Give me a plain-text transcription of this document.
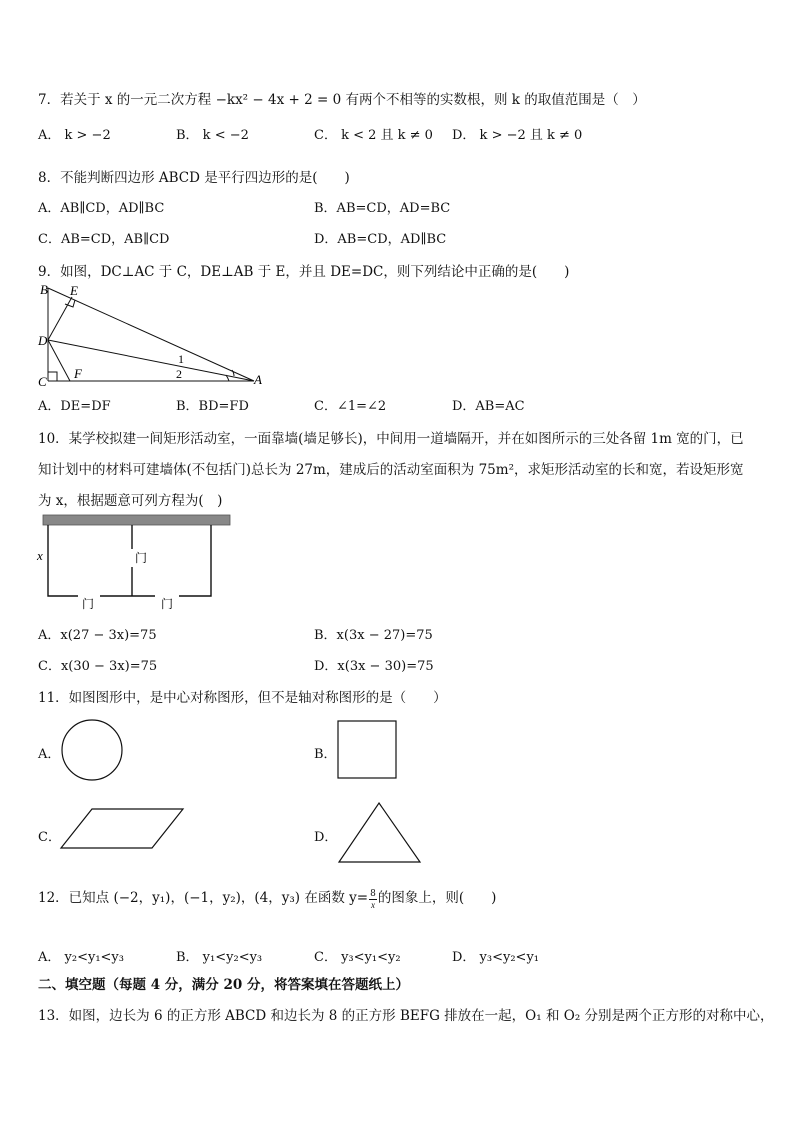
7．若关于 x 的一元二次方程 −kx² − 4x + 2 = 0 有两个不相等的实数根，则 k 的取值范围是（　）
A． k > −2	B． k < −2	C． k < 2 且 k ≠ 0 D． k > −2 且 k ≠ 0
8．不能判断四边形 ABCD 是平行四边形的是(　　)
A．AB∥CD，AD∥BC	B．AB=CD，AD=BC
C．AB=CD，AB∥CD	D．AB=CD，AD∥BC
9．如图，DC⊥AC 于 C，DE⊥AB 于 E，并且 DE=DC，则下列结论中正确的是(　　)
B E
D
C
F	A
1
2
A．DE=DF	B．BD=FD	C．∠1=∠2	D．AB=AC
10．某学校拟建一间矩形活动室，一面靠墙(墙足够长)，中间用一道墙隔开，并在如图所示的三处各留 1m 宽的门，已
知计划中的材料可建墙体(不包括门)总长为 27m，建成后的活动室面积为 75m²，求矩形活动室的长和宽，若设矩形宽
为 x，根据题意可列方程为(　)
x	门
门	门
A．x(27 − 3x)=75	B．x(3x − 27)=75
C．x(30 − 3x)=75	D．x(3x − 30)=75
11．如图图形中，是中心对称图形，但不是轴对称图形的是（　　）
A．	B．
C．	D．
12．已知点 (−2，y₁)，(−1，y₂)，(4，y₃) 在函数 $y= \frac{8}{x}$ 的图象上，则(　　)
A． y₂<y₁<y₃	B． y₁<y₂<y₃	C． y₃<y₁<y₂	D． y₃<y₂<y₁
二、填空题（每题 4 分，满分 20 分，将答案填在答题纸上）
13．如图，边长为 6 的正方形 ABCD 和边长为 8 的正方形 BEFG 排放在一起，O₁ 和 O₂ 分别是两个正方形的对称中心，
